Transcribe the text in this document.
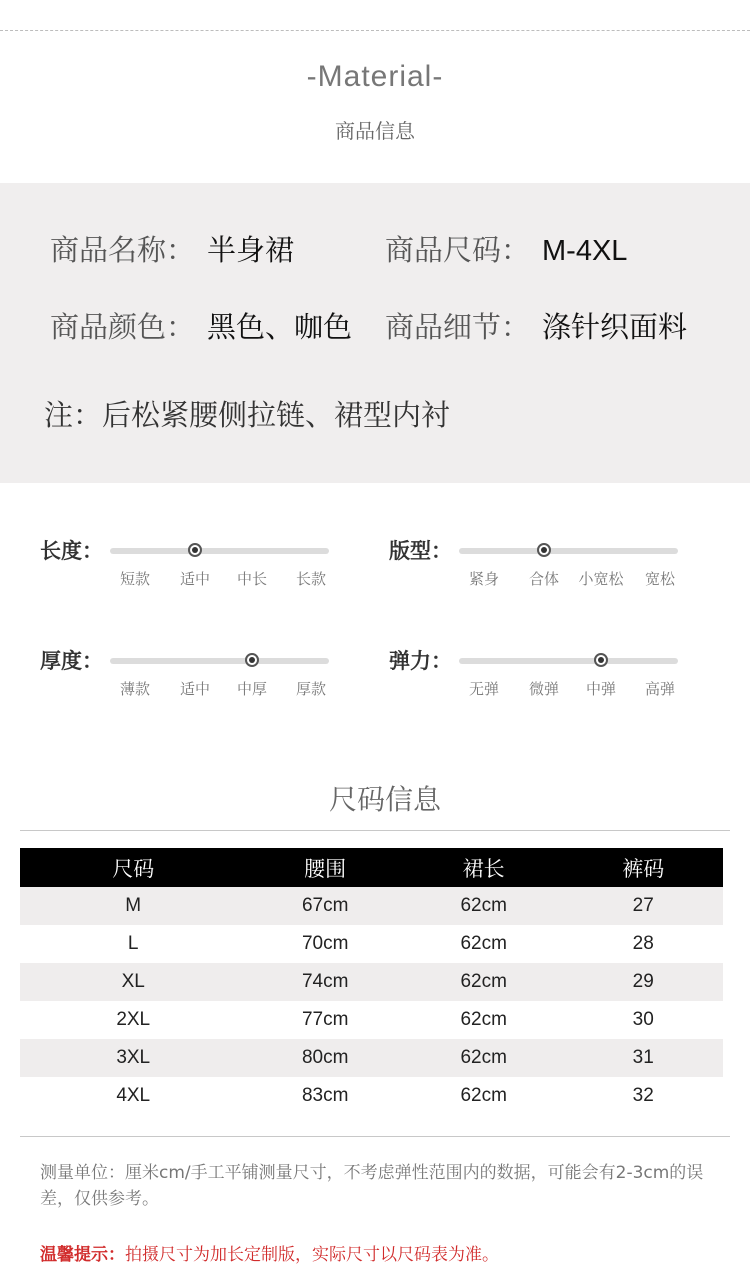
-Material-
商品信息
商品名称： 半身裙	商品尺码： M-4XL
商品颜色： 黑色、咖色 商品细节： 涤针织面料
注：后松紧腰侧拉链、裙型内衬
长度：
短款 适中 中长 长款
版型：
紧身 合体 小宽松 宽松
厚度：
薄款 适中 中厚 厚款
弹力：
无弹 微弹 中弹 高弹
尺码信息
尺码	腰围	裙长	裤码
M	67cm	62cm	27
L	70cm	62cm	28
XL	74cm	62cm	29
2XL	77cm	62cm	30
3XL	80cm	62cm	31
4XL	83cm	62cm	32
测量单位：厘米cm/手工平铺测量尺寸，不考虑弹性范围内的数据，可能会有2-3cm的误差，仅供参考。
温馨提示：拍摄尺寸为加长定制版，实际尺寸以尺码表为准。
